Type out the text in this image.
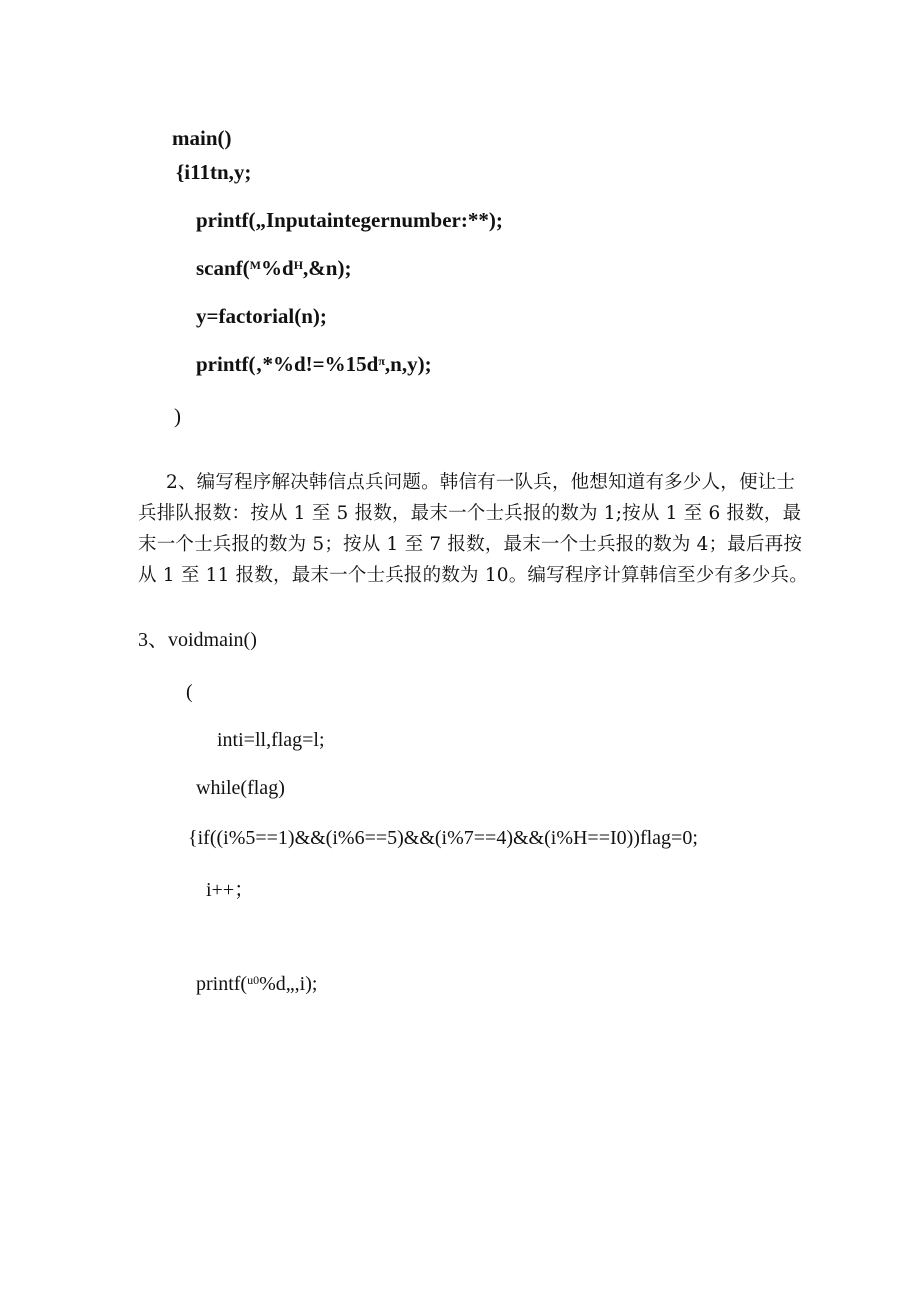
main()
{i11tn,y;
printf(„Inputaintegernumber:**);
$scanf(^M\%d^H,\&n)$;
y=factorial(n);
$printf(‚*\%d!=\%15d^\pi,n,y)$;
)
2、编写程序解决韩信点兵问题。韩信有一队兵，他想知道有多少人，便让士
兵排队报数：按从 1 至 5 报数，最末一个士兵报的数为 1;按从 1 至 6 报数，最
末一个士兵报的数为 5；按从 1 至 7 报数，最末一个士兵报的数为 4；最后再按
从 1 至 11 报数，最末一个士兵报的数为 10。编写程序计算韩信至少有多少兵。
3、voidmain()
(
inti=ll,flag=l;
while(flag)
{if((i%5==1)&&(i%6==5)&&(i%7==4)&&(i%H==I0))flag=0;
i++；
printf($^{u0}$%d„,i);
